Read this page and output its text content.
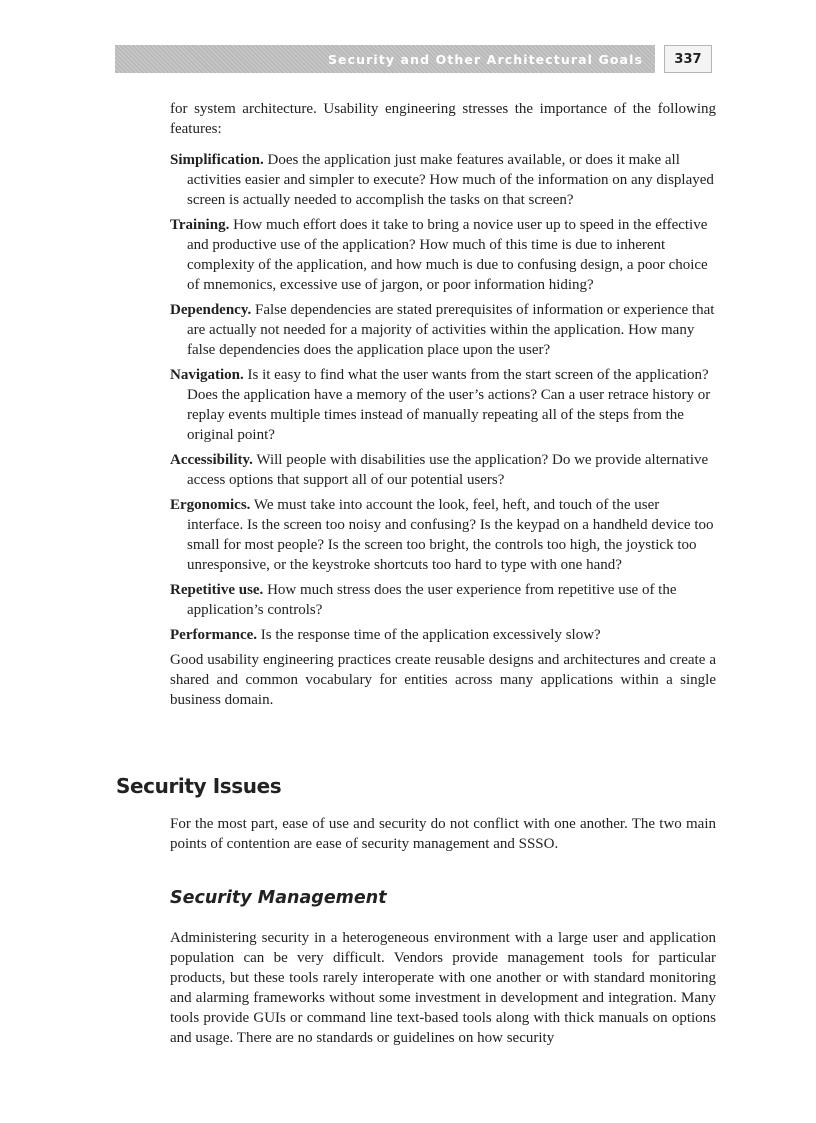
Security and Other Architectural Goals	337

for system architecture. Usability engineering stresses the importance of the following features:

Simplification. Does the application just make features available, or does it make all activities easier and simpler to execute? How much of the information on any displayed screen is actually needed to accomplish the tasks on that screen?

Training. How much effort does it take to bring a novice user up to speed in the effective and productive use of the application? How much of this time is due to inherent complexity of the application, and how much is due to confusing design, a poor choice of mnemonics, excessive use of jargon, or poor information hiding?

Dependency. False dependencies are stated prerequisites of information or experience that are actually not needed for a majority of activities within the application. How many false dependencies does the application place upon the user?

Navigation. Is it easy to find what the user wants from the start screen of the application? Does the application have a memory of the user’s actions? Can a user retrace history or replay events multiple times instead of manually repeating all of the steps from the original point?

Accessibility. Will people with disabilities use the application? Do we provide alternative access options that support all of our potential users?

Ergonomics. We must take into account the look, feel, heft, and touch of the user interface. Is the screen too noisy and confusing? Is the keypad on a handheld device too small for most people? Is the screen too bright, the controls too high, the joystick too unresponsive, or the keystroke shortcuts too hard to type with one hand?

Repetitive use. How much stress does the user experience from repetitive use of the application’s controls?

Performance. Is the response time of the application excessively slow?

Good usability engineering practices create reusable designs and architectures and create a shared and common vocabulary for entities across many applications within a single business domain.

Security Issues

For the most part, ease of use and security do not conflict with one another. The two main points of contention are ease of security management and SSSO.

Security Management

Administering security in a heterogeneous environment with a large user and application population can be very difficult. Vendors provide management tools for particular products, but these tools rarely interoperate with one another or with standard monitoring and alarming frameworks without some investment in development and integration. Many tools provide GUIs or command line text-based tools along with thick manuals on options and usage. There are no standards or guidelines on how security
